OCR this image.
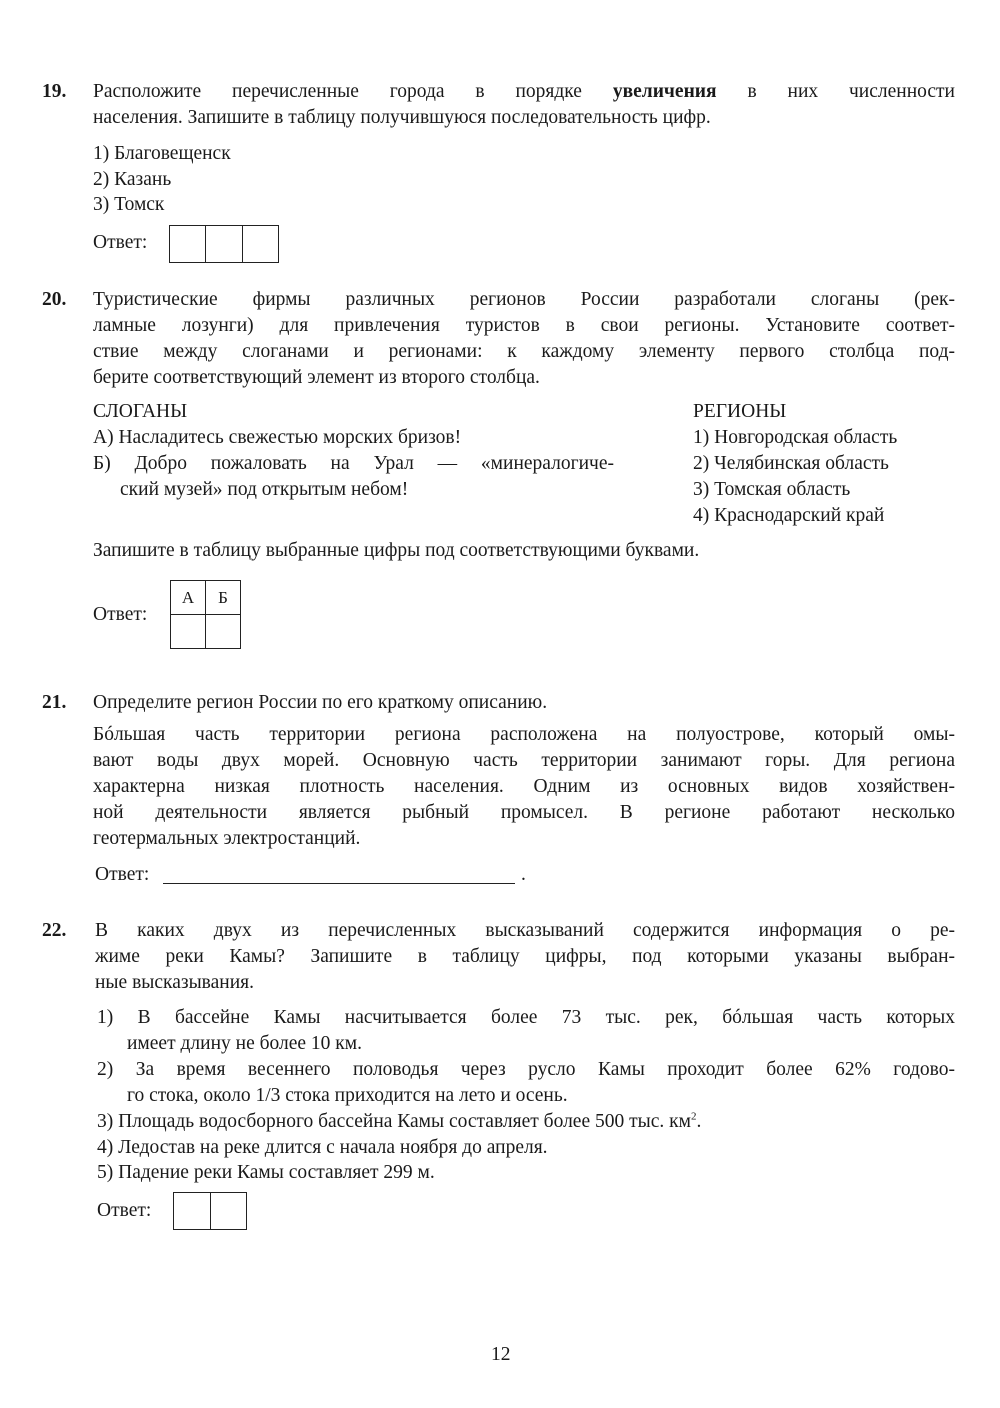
19. Расположите перечисленные города в порядке увеличения в них численности
населения. Запишите в таблицу получившуюся последовательность цифр.
1) Благовещенск
2) Казань
3) Томск
Ответ:
20. Туристические фирмы различных регионов России разработали слоганы (рек-
ламные лозунги) для привлечения туристов в свои регионы. Установите соответ-
ствие между слоганами и регионами: к каждому элементу первого столбца под-
берите соответствующий элемент из второго столбца.
СЛОГАНЫ
А) Насладитесь свежестью морских бризов!
Б) Добро пожаловать на Урал — «минералогиче-
ский музей» под открытым небом!
РЕГИОНЫ
1) Новгородская область
2) Челябинская область
3) Томская область
4) Краснодарский край
Запишите в таблицу выбранные цифры под соответствующими буквами.
Ответ:
А	Б

21. Определите регион России по его краткому описанию.
Бóльшая часть территории региона расположена на полуострове, который омы-
вают воды двух морей. Основную часть территории занимают горы. Для региона
характерна низкая плотность населения. Одним из основных видов хозяйствен-
ной деятельности является рыбный промысел. В регионе работают несколько
геотермальных электростанций.
Ответ:	.
22. В каких двух из перечисленных высказываний содержится информация о ре-
жиме реки Камы? Запишите в таблицу цифры, под которыми указаны выбран-
ные высказывания.
1) В бассейне Камы насчитывается более 73 тыс. рек, бóльшая часть которых
имеет длину не более 10 км.
2) За время весеннего половодья через русло Камы проходит более 62% годово-
го стока, около 1/3 стока приходится на лето и осень.
3) Площадь водосборного бассейна Камы составляет более 500 тыс. $км^2$.
4) Ледостав на реке длится с начала ноября до апреля.
5) Падение реки Камы составляет 299 м.
Ответ:
12
